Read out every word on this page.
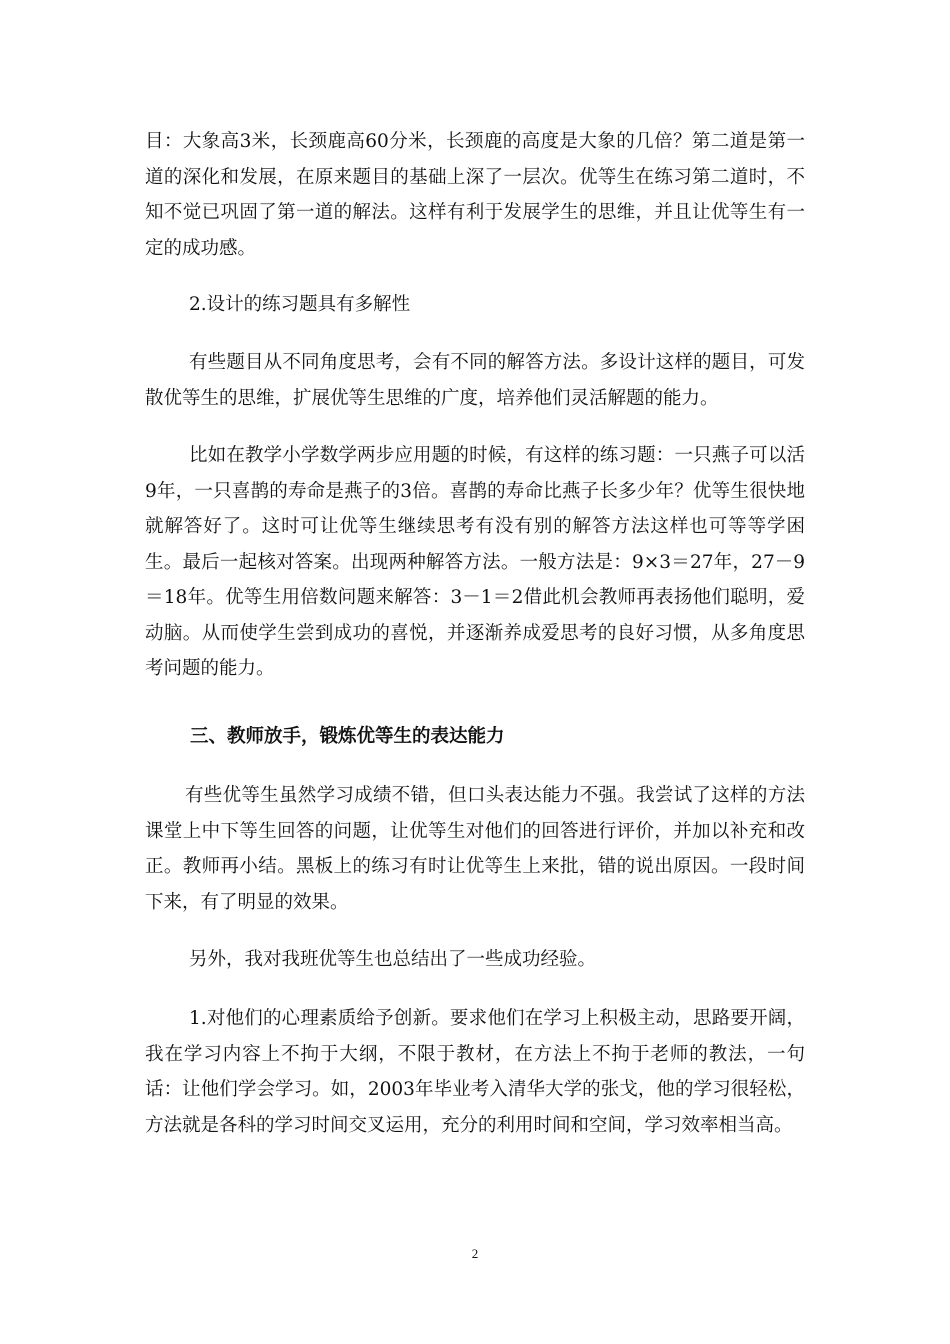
目：大象高3米，长颈鹿高60分米，长颈鹿的高度是大象的几倍？第二道是第一道的深化和发展，在原来题目的基础上深了一层次。优等生在练习第二道时，不知不觉已巩固了第一道的解法。这样有利于发展学生的思维，并且让优等生有一定的成功感。

2.设计的练习题具有多解性

有些题目从不同角度思考，会有不同的解答方法。多设计这样的题目，可发散优等生的思维，扩展优等生思维的广度，培养他们灵活解题的能力。

比如在教学小学数学两步应用题的时候，有这样的练习题：一只燕子可以活9年，一只喜鹊的寿命是燕子的3倍。喜鹊的寿命比燕子长多少年？优等生很快地就解答好了。这时可让优等生继续思考有没有别的解答方法这样也可等等学困生。最后一起核对答案。出现两种解答方法。一般方法是：9×3＝27年，27－9＝18年。优等生用倍数问题来解答：3－1＝2借此机会教师再表扬他们聪明，爱动脑。从而使学生尝到成功的喜悦，并逐渐养成爱思考的良好习惯，从多角度思考问题的能力。

三、教师放手，锻炼优等生的表达能力

有些优等生虽然学习成绩不错，但口头表达能力不强。我尝试了这样的方法课堂上中下等生回答的问题，让优等生对他们的回答进行评价，并加以补充和改正。教师再小结。黑板上的练习有时让优等生上来批，错的说出原因。一段时间下来，有了明显的效果。

另外，我对我班优等生也总结出了一些成功经验。

1.对他们的心理素质给予创新。要求他们在学习上积极主动，思路要开阔，我在学习内容上不拘于大纲，不限于教材，在方法上不拘于老师的教法，一句话：让他们学会学习。如，2003年毕业考入清华大学的张戈，他的学习很轻松，方法就是各科的学习时间交叉运用，充分的利用时间和空间，学习效率相当高。

2
